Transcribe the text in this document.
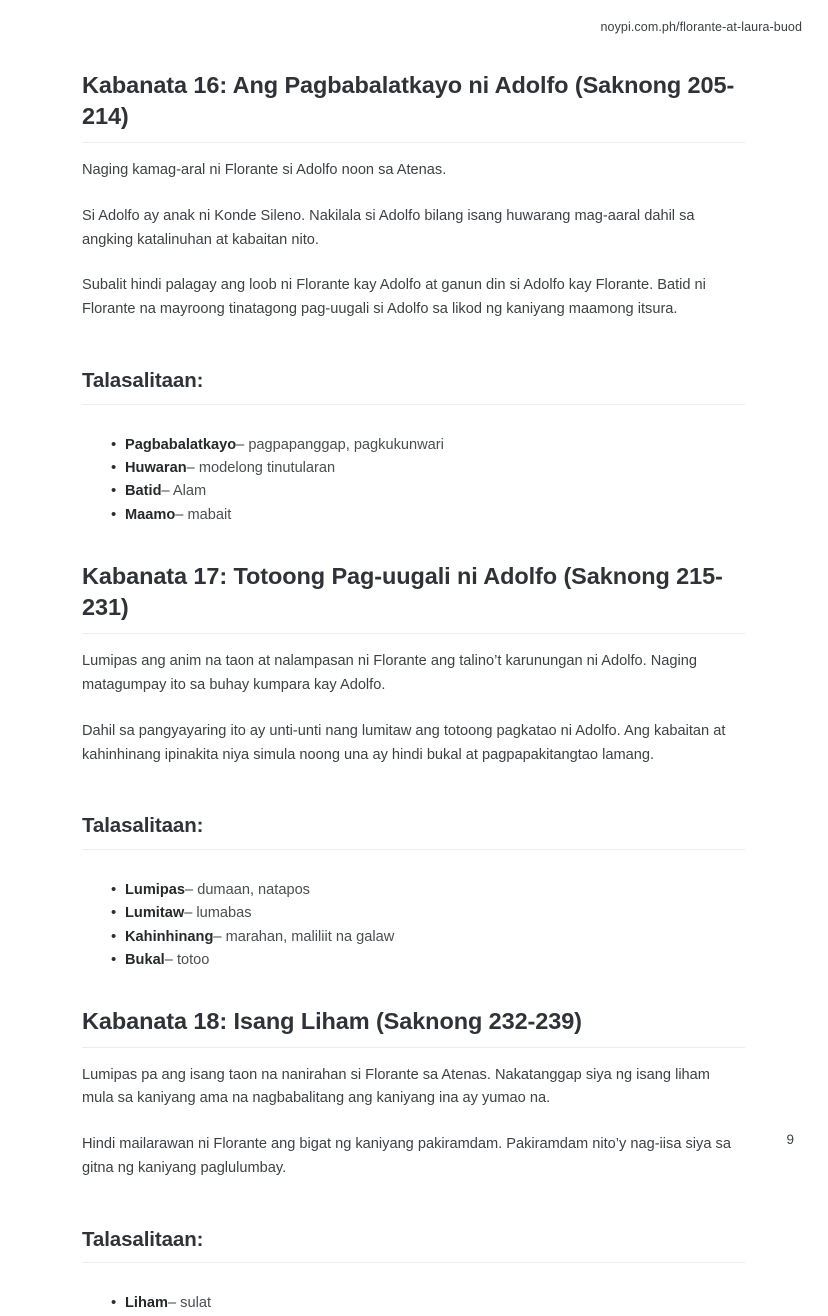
noypi.com.ph/florante-at-laura-buod
Kabanata 16: Ang Pagbabalatkayo ni Adolfo (Saknong 205-214)

Naging kamag-aral ni Florante si Adolfo noon sa Atenas.

Si Adolfo ay anak ni Konde Sileno. Nakilala si Adolfo bilang isang huwarang mag-aaral dahil sa angking katalinuhan at kabaitan nito.

Subalit hindi palagay ang loob ni Florante kay Adolfo at ganun din si Adolfo kay Florante. Batid ni Florante na mayroong tinatagong pag-uugali si Adolfo sa likod ng kaniyang maamong itsura.

Talasalitaan:
• Pagbabalatkayo– pagpapanggap, pagkukunwari
• Huwaran– modelong tinutularan
• Batid– Alam
• Maamo– mabait
Kabanata 17: Totoong Pag-uugali ni Adolfo (Saknong 215-231)

Lumipas ang anim na taon at nalampasan ni Florante ang talino’t karunungan ni Adolfo. Naging matagumpay ito sa buhay kumpara kay Adolfo.

Dahil sa pangyayaring ito ay unti-unti nang lumitaw ang totoong pagkatao ni Adolfo. Ang kabaitan at kahinhinang ipinakita niya simula noong una ay hindi bukal at pagpapakitangtao lamang.

Talasalitaan:
• Lumipas– dumaan, natapos
• Lumitaw– lumabas
• Kahinhinang– marahan, maliliit na galaw
• Bukal– totoo
Kabanata 18: Isang Liham (Saknong 232-239)

Lumipas pa ang isang taon na nanirahan si Florante sa Atenas. Nakatanggap siya ng isang liham mula sa kaniyang ama na nagbabalitang ang kaniyang ina ay yumao na.

Hindi mailarawan ni Florante ang bigat ng kaniyang pakiramdam. Pakiramdam nito’y nag-iisa siya sa gitna ng kaniyang paglulumbay.

Talasalitaan:
• Liham– sulat
9
